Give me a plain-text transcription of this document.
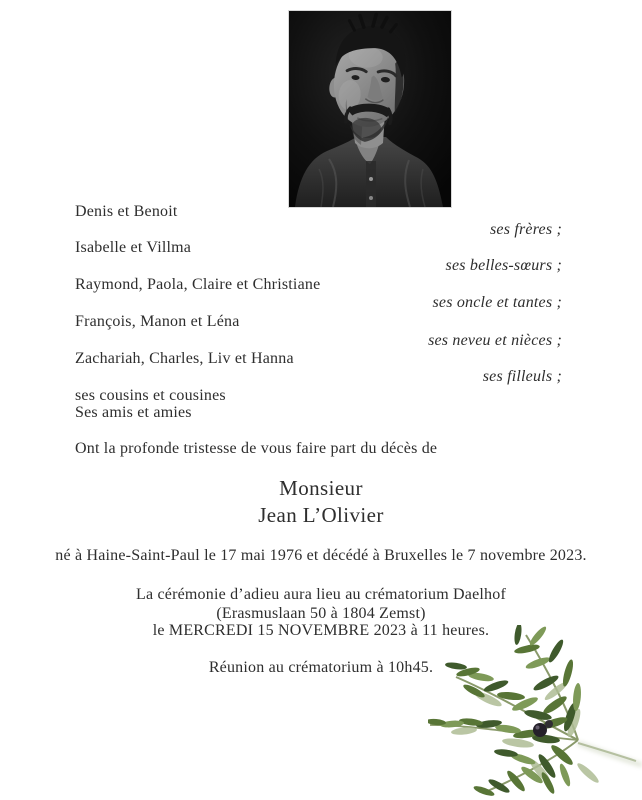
Denis et Benoit
ses frères ;
Isabelle et Villma
ses belles-sœurs ;
Raymond, Paola, Claire et Christiane
ses oncle et tantes ;
François, Manon et Léna
ses neveu et nièces ;
Zachariah, Charles, Liv et Hanna
ses filleuls ;
ses cousins et cousines
Ses amis et amies
Ont la profonde tristesse de vous faire part du décès de
Monsieur
Jean L’Olivier
né à Haine-Saint-Paul le 17 mai 1976 et décédé à Bruxelles le 7 novembre 2023.
La cérémonie d’adieu aura lieu au crématorium Daelhof
(Erasmuslaan 50 à 1804 Zemst)
le MERCREDI 15 NOVEMBRE 2023 à 11 heures.
Réunion au crématorium à 10h45.
